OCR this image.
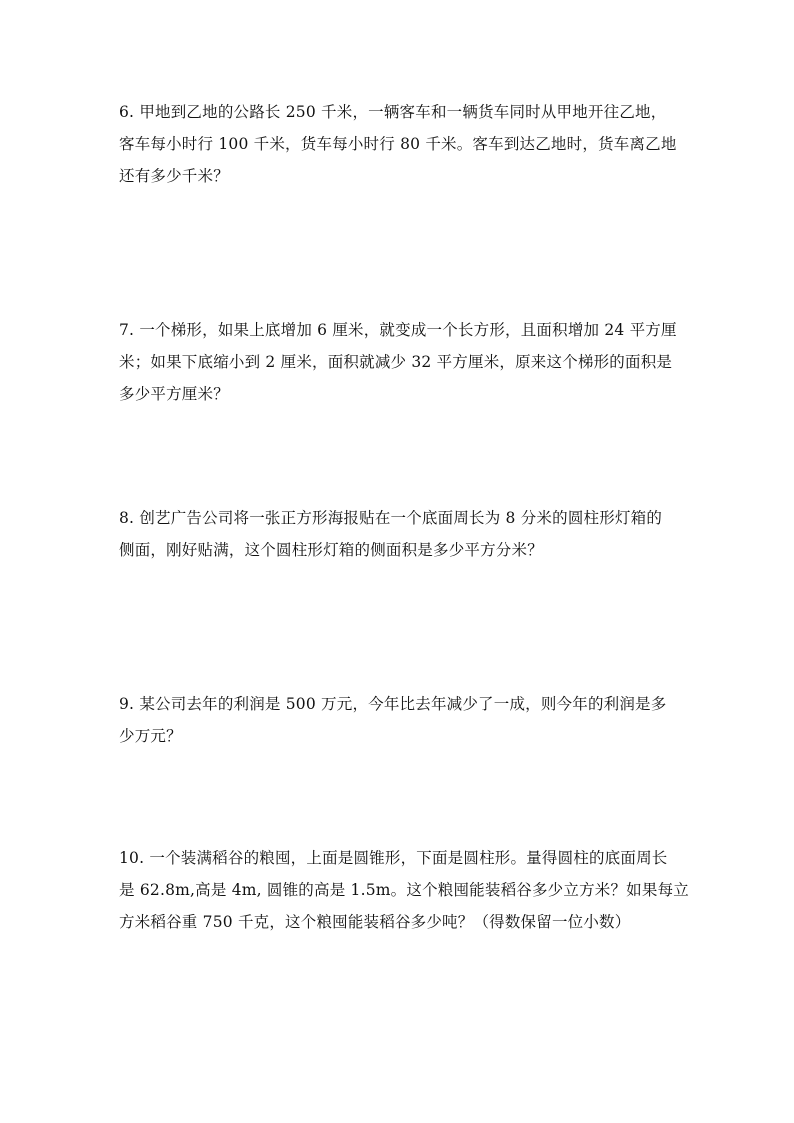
6. 甲地到乙地的公路长 250 千米，一辆客车和一辆货车同时从甲地开往乙地，
客车每小时行 100 千米，货车每小时行 80 千米。客车到达乙地时，货车离乙地
还有多少千米？
7. 一个梯形，如果上底增加 6 厘米，就变成一个长方形，且面积增加 24 平方厘
米；如果下底缩小到 2 厘米，面积就减少 32 平方厘米，原来这个梯形的面积是
多少平方厘米？
8. 创艺广告公司将一张正方形海报贴在一个底面周长为 8 分米的圆柱形灯箱的
侧面，刚好贴满，这个圆柱形灯箱的侧面积是多少平方分米？
9. 某公司去年的利润是 500 万元，今年比去年减少了一成，则今年的利润是多
少万元？
10. 一个装满稻谷的粮囤，上面是圆锥形，下面是圆柱形。量得圆柱的底面周长
是 62.8m,高是 4m, 圆锥的高是 1.5m。这个粮囤能装稻谷多少立方米？如果每立
方米稻谷重 750 千克，这个粮囤能装稻谷多少吨？（得数保留一位小数）
